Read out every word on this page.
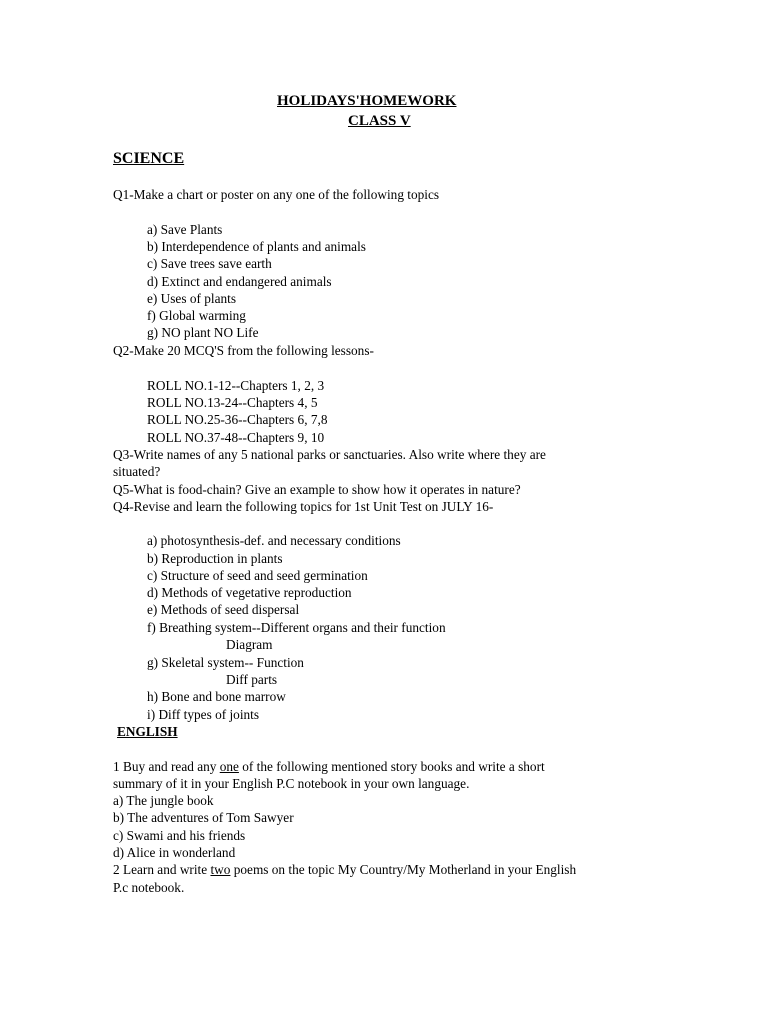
HOLIDAYS'HOMEWORK
CLASS V
SCIENCE
Q1-Make a chart or poster on any one of the following topics
a) Save Plants
b) Interdependence of plants and animals
c) Save trees save earth
d) Extinct and endangered animals
e) Uses of plants
f) Global warming
g) NO plant NO Life
Q2-Make 20 MCQ'S from the following lessons-
ROLL NO.1-12--Chapters 1, 2, 3
ROLL NO.13-24--Chapters 4, 5
ROLL NO.25-36--Chapters 6, 7,8
ROLL NO.37-48--Chapters 9, 10
Q3-Write names of any 5 national parks or sanctuaries. Also write where they are
situated?
Q5-What is food-chain? Give an example to show how it operates in nature?
Q4-Revise and learn the following topics for 1st Unit Test on JULY 16-
a) photosynthesis-def. and necessary conditions
b) Reproduction in plants
c) Structure of seed and seed germination
d) Methods of vegetative reproduction
e) Methods of seed dispersal
f) Breathing system--Different organs and their function
Diagram
g) Skeletal system-- Function
Diff parts
h) Bone and bone marrow
i) Diff types of joints
ENGLISH
1 Buy and read any one of the following mentioned story books and write a short
summary of it in your English P.C notebook in your own language.
a) The jungle book
b) The adventures of Tom Sawyer
c) Swami and his friends
d) Alice in wonderland
2 Learn and write two poems on the topic My Country/My Motherland in your English
P.c notebook.
